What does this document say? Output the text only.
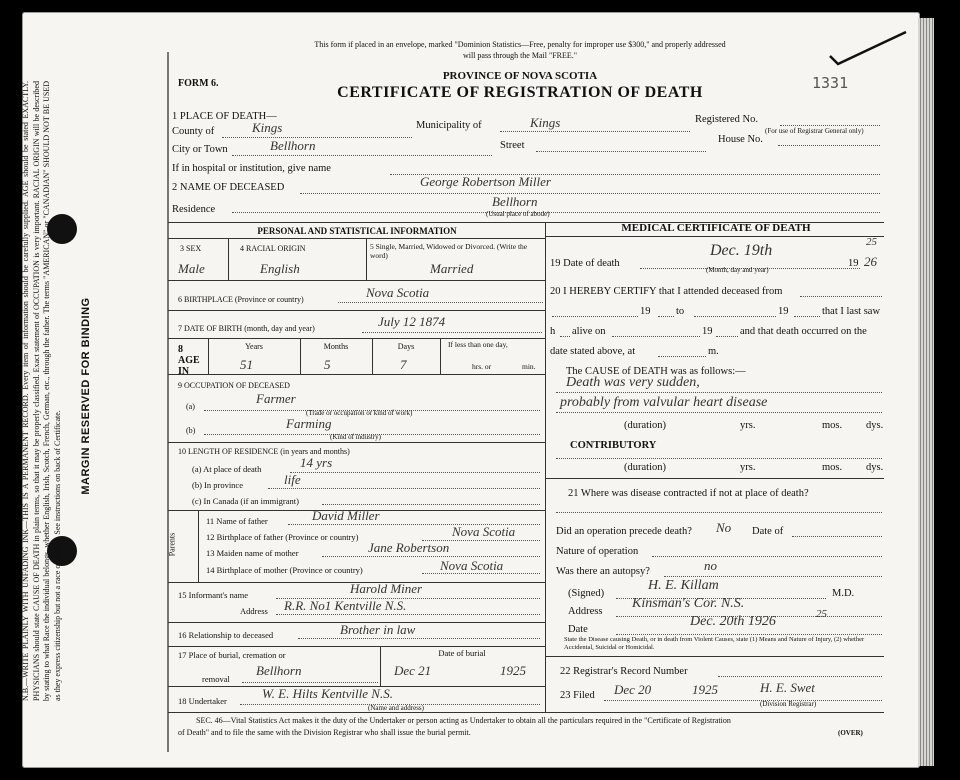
MARGIN RESERVED FOR BINDING
N.B.—WRITE PLAINLY WITH UNFADING INK—THIS IS A PERMANENT RECORD. Every item of information should be carefully supplied. AGE should be stated EXACTLY. PHYSICIANS should state CAUSE OF DEATH in plain terms, so that it may be properly classified. Exact statement of OCCUPATION is very important. RACIAL ORIGIN will be described by stating to what Race the individual belongs, whether English, Irish, Scotch, French, German, etc., through the father. The terms "AMERICAN" or "CANADIAN" SHOULD NOT BE USED as they express citizenship but not a race or people. See instructions on back of Certificate.
This form if placed in an envelope, marked "Dominion Statistics—Free, penalty for improper use $300," and properly addressed
will pass through the Mail "FREE."
FORM 6.
PROVINCE OF NOVA SCOTIA
CERTIFICATE OF REGISTRATION OF DEATH
1331
1 PLACE OF DEATH—
County of	Kings	Municipality of	Kings	Registered No.
(For use of Registrar General only)
City or Town	Bellhorn	Street
House No.
If in hospital or institution, give name
2 NAME OF DECEASED	George Robertson Miller
Residence
Bellhorn
(Usual place of abode)
PERSONAL AND STATISTICAL INFORMATION	MEDICAL CERTIFICATE OF DEATH
3 SEX	4 RACIAL ORIGIN	5 Single, Married, Widowed or Divorced. (Write the word)
Male	English	Married
6 BIRTHPLACE (Province or country)	Nova Scotia
7 DATE OF BIRTH (month, day and year)	July 12 1874
8 AGE IN
Years	Months	Days	If less than one day,
51	5	7	hrs. or	min.
9 OCCUPATION OF DECEASED
(a)
Farmer
(Trade or occupation or kind of work)
(b)	Farming
(Kind of industry)
10 LENGTH OF RESIDENCE (in years and months)
(a) At place of death	14 yrs
(b) In province	life
(c) In Canada (if an immigrant)
Parents
11 Name of father	David Miller
12 Birthplace of father (Province or country)	Nova Scotia
13 Maiden name of mother	Jane Robertson
14 Birthplace of mother (Province or country)	Nova Scotia
15 Informant's name	Harold Miner
Address R.R. No1 Kentville N.S.
16 Relationship to deceased	Brother in law
17 Place of burial, cremation or	Date of burial
removal
Bellhorn	Dec 21	1925
18 Undertaker	W. E. Hilts Kentville N.S.
(Name and address)
19 Date of death
Dec. 19th
19 26
25
(Month, day and year)
20 I HEREBY CERTIFY that I attended deceased from
19 to	19	that I last saw
h alive on	19	and that death occurred on the
date stated above, at	m.
The CAUSE of DEATH was as follows:—
Death was very sudden,
probably from valvular heart disease
(duration)	yrs.	mos. dys.
CONTRIBUTORY
(duration)	yrs.	mos. dys.
21 Where was disease contracted if not at place of death?
Did an operation precede death? No Date of
Nature of operation
Was there an autopsy?	no
(Signed)
H. E. Killam
M.D.
Address
Kinsman's Cor. N.S.
Date
Dec. 20th 1926	25
State the Disease causing Death, or in death from Violent Causes, state (1) Means and Nature of Injury, (2) whether Accidental, Suicidal or Homicidal.
22 Registrar's Record Number
23 Filed Dec 20	1925	H. E. Swet
(Division Registrar)
SEC. 46—Vital Statistics Act makes it the duty of the Undertaker or person acting as Undertaker to obtain all the particulars required in the "Certificate of Registration
of Death" and to file the same with the Division Registrar who shall issue the burial permit.	(OVER)
